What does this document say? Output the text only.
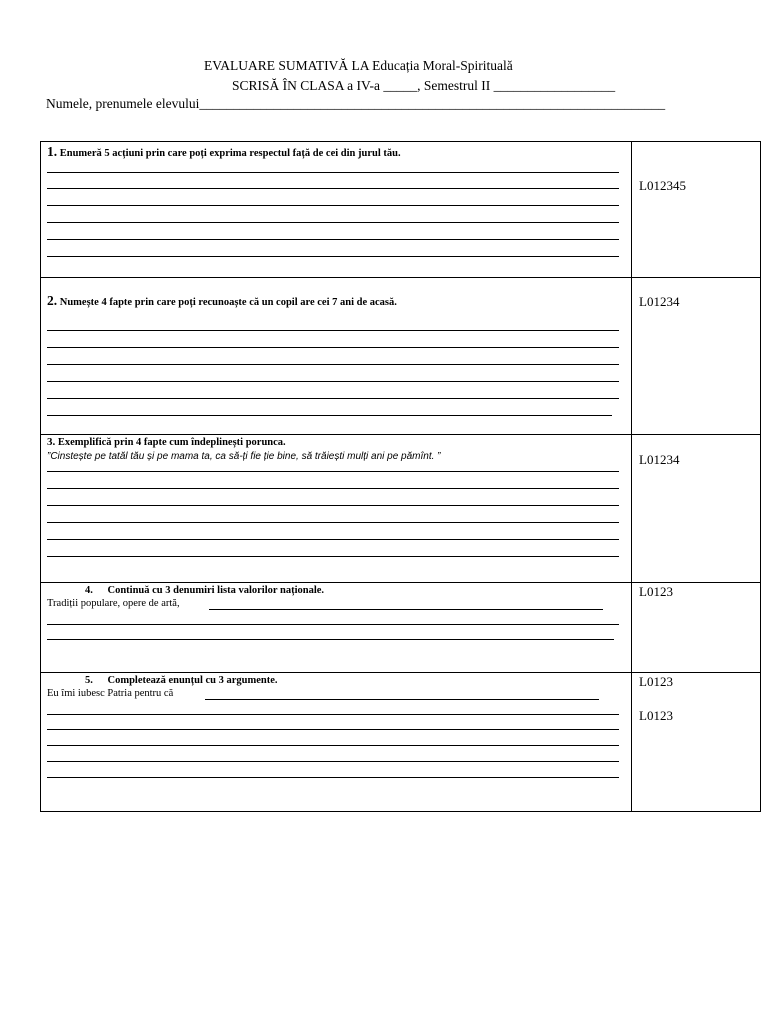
EVALUARE SUMATIVĂ LA Educația Moral-Spirituală
SCRISĂ ÎN CLASA a IV-a _____, Semestrul II __________________
Numele, prenumele elevului_____________________________________________________________________
1. Enumeră 5 acțiuni prin care poți exprima respectul față de cei din jurul tău.
L012345
2. Numește 4 fapte prin care poți recunoaște că un copil are cei 7 ani de acasă.	L01234
3. Exemplifică prin 4 fapte cum îndeplinești porunca.
”Cinstește pe tatăl tău și pe mama ta, ca să-ți fie ție bine, să trăiești mulți ani pe pămînt. ”	L01234
4. Continuă cu 3 denumiri lista valorilor naționale.
Tradiții populare, opere de artă,
L0123
5. Completează enunțul cu 3 argumente.
Eu îmi iubesc Patria pentru că
L0123
L0123
